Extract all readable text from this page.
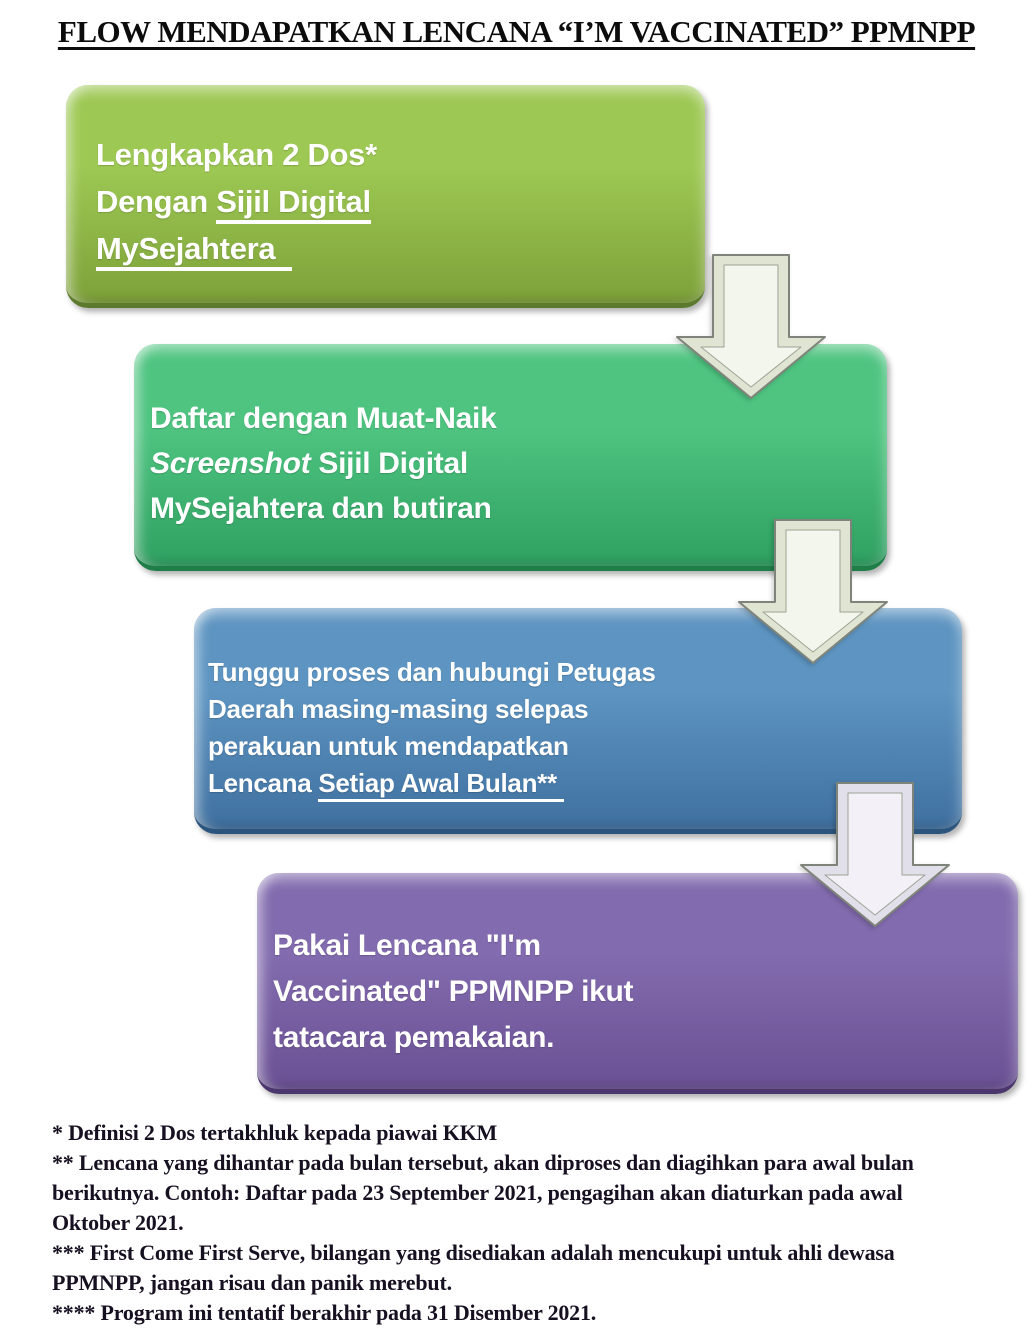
FLOW MENDAPATKAN LENCANA “I’M VACCINATED” PPMNPP
Lengkapkan 2 Dos*
Dengan Sijil Digital
MySejahtera
Daftar dengan Muat-Naik
Screenshot Sijil Digital
MySejahtera dan butiran
Tunggu proses dan hubungi Petugas
Daerah masing-masing selepas
perakuan untuk mendapatkan
Lencana Setiap Awal Bulan**
Pakai Lencana "I'm
Vaccinated" PPMNPP ikut
tatacara pemakaian.

* Definisi 2 Dos tertakhluk kepada piawai KKM

** Lencana yang dihantar pada bulan tersebut, akan diproses dan diagihkan para awal bulan
berikutnya. Contoh: Daftar pada 23 September 2021, pengagihan akan diaturkan pada awal
Oktober 2021.

*** First Come First Serve, bilangan yang disediakan adalah mencukupi untuk ahli dewasa
PPMNPP, jangan risau dan panik merebut.

**** Program ini tentatif berakhir pada 31 Disember 2021.
